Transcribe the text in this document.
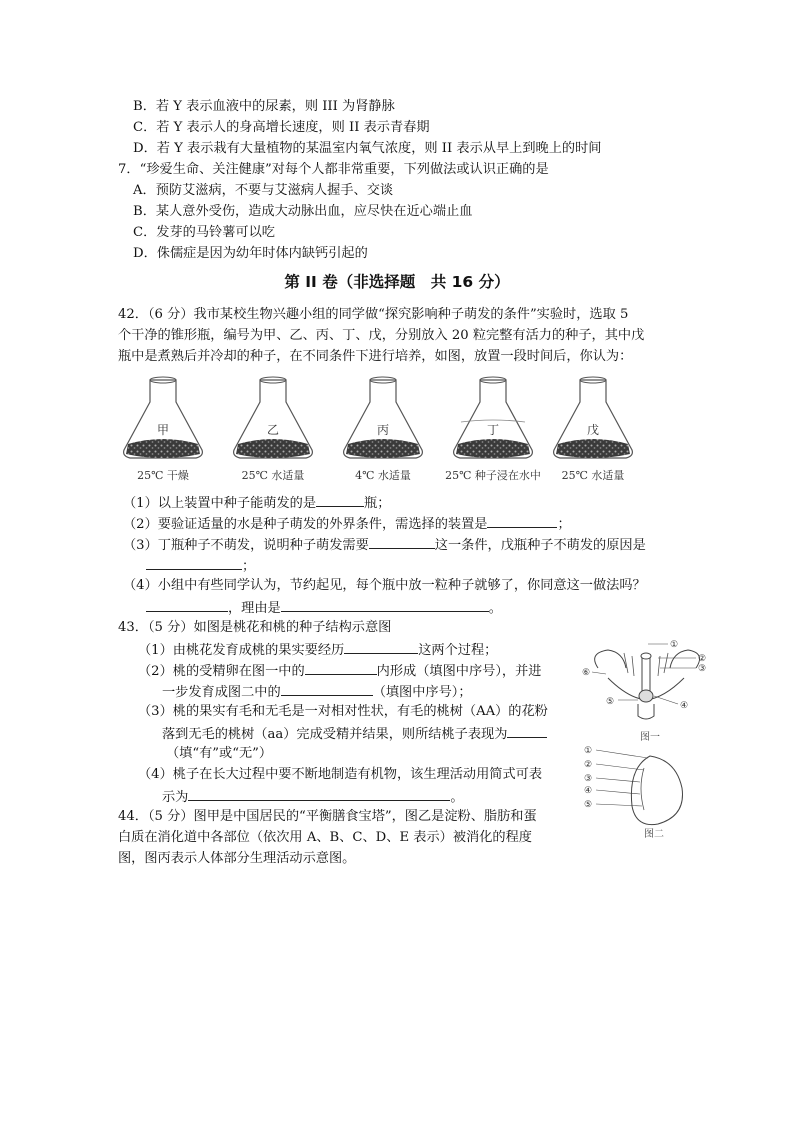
B．若 Y 表示血液中的尿素，则 III 为肾静脉
C．若 Y 表示人的身高增长速度，则 II 表示青春期
D．若 Y 表示栽有大量植物的某温室内氧气浓度，则 II 表示从早上到晚上的时间
7．“珍爱生命、关注健康”对每个人都非常重要，下列做法或认识正确的是
A．预防艾滋病，不要与艾滋病人握手、交谈
B．某人意外受伤，造成大动脉出血，应尽快在近心端止血
C．发芽的马铃薯可以吃
D．侏儒症是因为幼年时体内缺钙引起的
第 II 卷（非选择题　共 16 分）
42．（6 分）我市某校生物兴趣小组的同学做“探究影响种子萌发的条件”实验时，选取 5
个干净的锥形瓶，编号为甲、乙、丙、丁、戊，分别放入 20 粒完整有活力的种子，其中戊
瓶中是煮熟后并冷却的种子，在不同条件下进行培养，如图，放置一段时间后，你认为：
甲
25℃ 干燥
乙
25℃ 水适量
丙
4℃ 水适量
丁
25℃ 种子浸在水中
戊
25℃ 水适量
（1）以上装置中种子能萌发的是	瓶；
（2）要验证适量的水是种子萌发的外界条件，需选择的装置是	；
（3）丁瓶种子不萌发，说明种子萌发需要	这一条件，戊瓶种子不萌发的原因是
；
（4）小组中有些同学认为，节约起见，每个瓶中放一粒种子就够了，你同意这一做法吗？
，理由是	。
43．（5 分）如图是桃花和桃的种子结构示意图
（1）由桃花发育成桃的果实要经历	这两个过程；
（2）桃的受精卵在图一中的	内形成（填图中序号），并进
一步发育成图二中的	（填图中序号）；
（3）桃的果实有毛和无毛是一对相对性状，有毛的桃树（AA）的花粉
落到无毛的桃树（aa）完成受精并结果，则所结桃子表现为
（填“有”或“无”）
（4）桃子在长大过程中要不断地制造有机物，该生理活动用简式可表
示为	。
①
②
③
④
⑤
⑥
图一
①
②
③
④
⑤
图二
44．（5 分）图甲是中国居民的“平衡膳食宝塔”，图乙是淀粉、脂肪和蛋
白质在消化道中各部位（依次用 A、B、C、D、E 表示）被消化的程度
图，图丙表示人体部分生理活动示意图。
